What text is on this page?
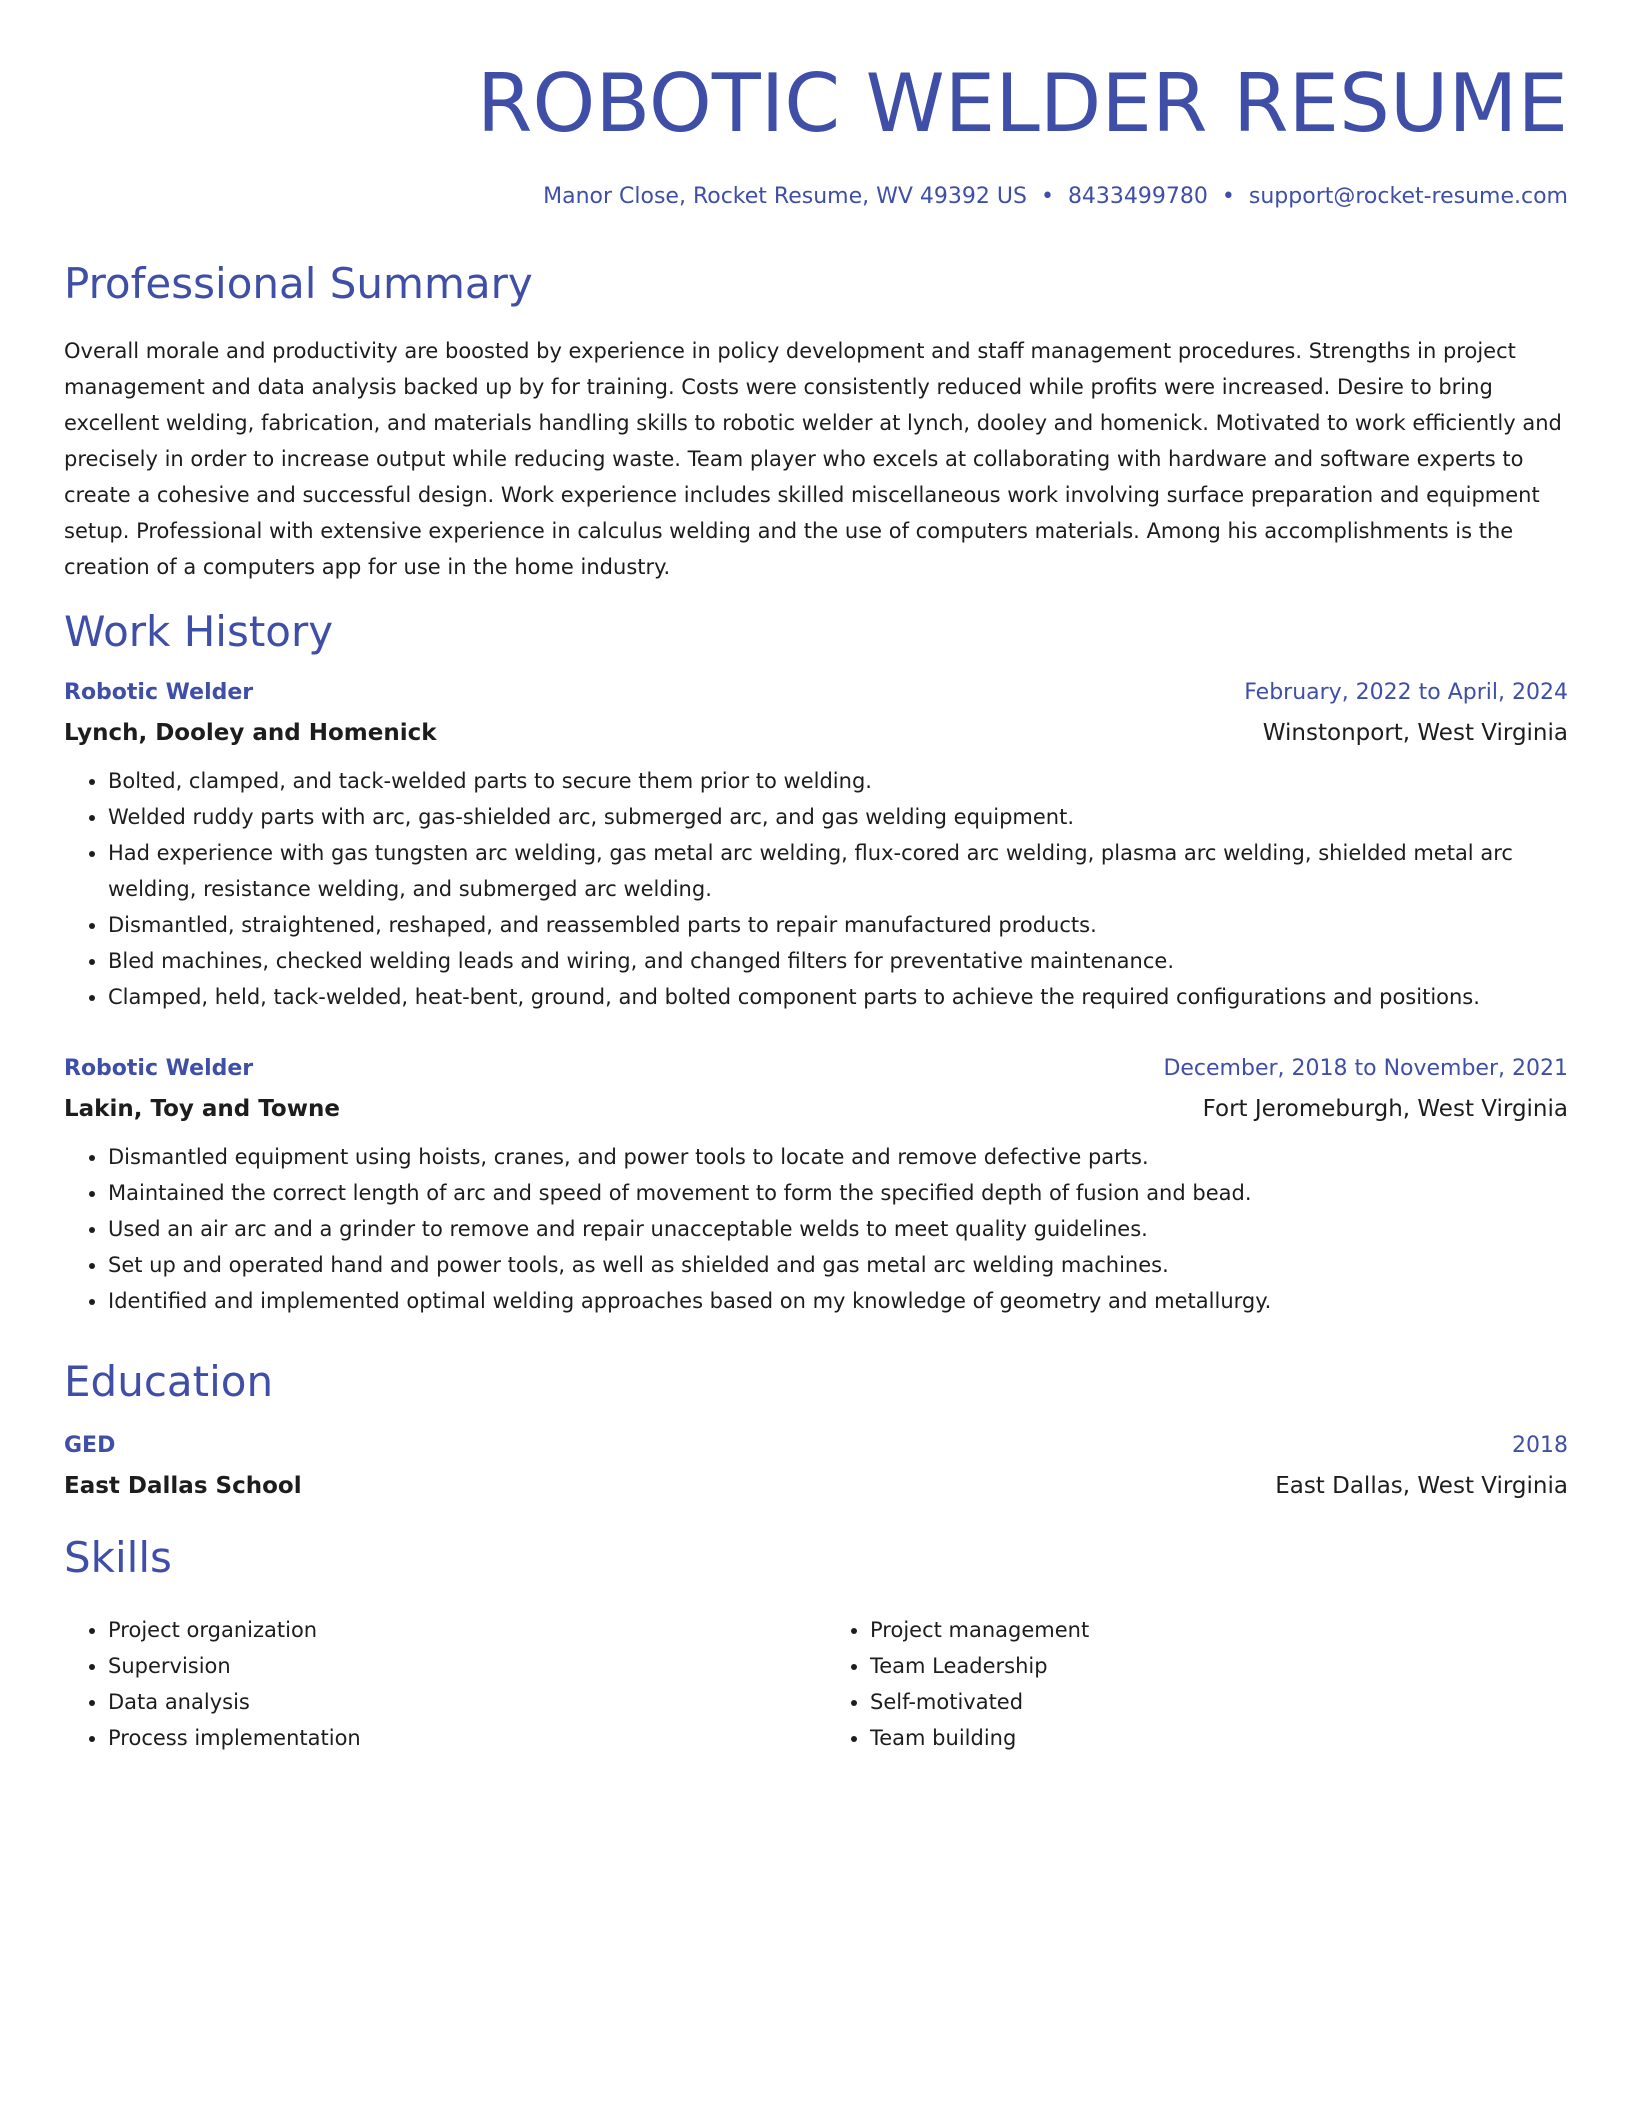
ROBOTIC WELDER RESUME
Manor Close, Rocket Resume, WV 49392 US • 8433499780 • support@rocket-resume.com
Professional Summary

Overall morale and productivity are boosted by experience in policy development and staff management procedures. Strengths in project management and data analysis backed up by for training. Costs were consistently reduced while profits were increased. Desire to bring excellent welding, fabrication, and materials handling skills to robotic welder at lynch, dooley and homenick. Motivated to work efficiently and precisely in order to increase output while reducing waste. Team player who excels at collaborating with hardware and software experts to create a cohesive and successful design. Work experience includes skilled miscellaneous work involving surface preparation and equipment setup. Professional with extensive experience in calculus welding and the use of computers materials. Among his accomplishments is the creation of a computers app for use in the home industry.

Work History
Robotic Welder	February, 2022 to April, 2024
Lynch, Dooley and Homenick	Winstonport, West Virginia
• Bolted, clamped, and tack-welded parts to secure them prior to welding.
• Welded ruddy parts with arc, gas-shielded arc, submerged arc, and gas welding equipment.
• Had experience with gas tungsten arc welding, gas metal arc welding, flux-cored arc welding, plasma arc welding, shielded metal arc welding, resistance welding, and submerged arc welding.
• Dismantled, straightened, reshaped, and reassembled parts to repair manufactured products.
• Bled machines, checked welding leads and wiring, and changed filters for preventative maintenance.
• Clamped, held, tack-welded, heat-bent, ground, and bolted component parts to achieve the required configurations and positions.
Robotic Welder	December, 2018 to November, 2021
Lakin, Toy and Towne	Fort Jeromeburgh, West Virginia
• Dismantled equipment using hoists, cranes, and power tools to locate and remove defective parts.
• Maintained the correct length of arc and speed of movement to form the specified depth of fusion and bead.
• Used an air arc and a grinder to remove and repair unacceptable welds to meet quality guidelines.
• Set up and operated hand and power tools, as well as shielded and gas metal arc welding machines.
• Identified and implemented optimal welding approaches based on my knowledge of geometry and metallurgy.
Education
GED	2018
East Dallas School	East Dallas, West Virginia
Skills
• Project organization
• Supervision
• Data analysis
• Process implementation
• Project management
• Team Leadership
• Self-motivated
• Team building
